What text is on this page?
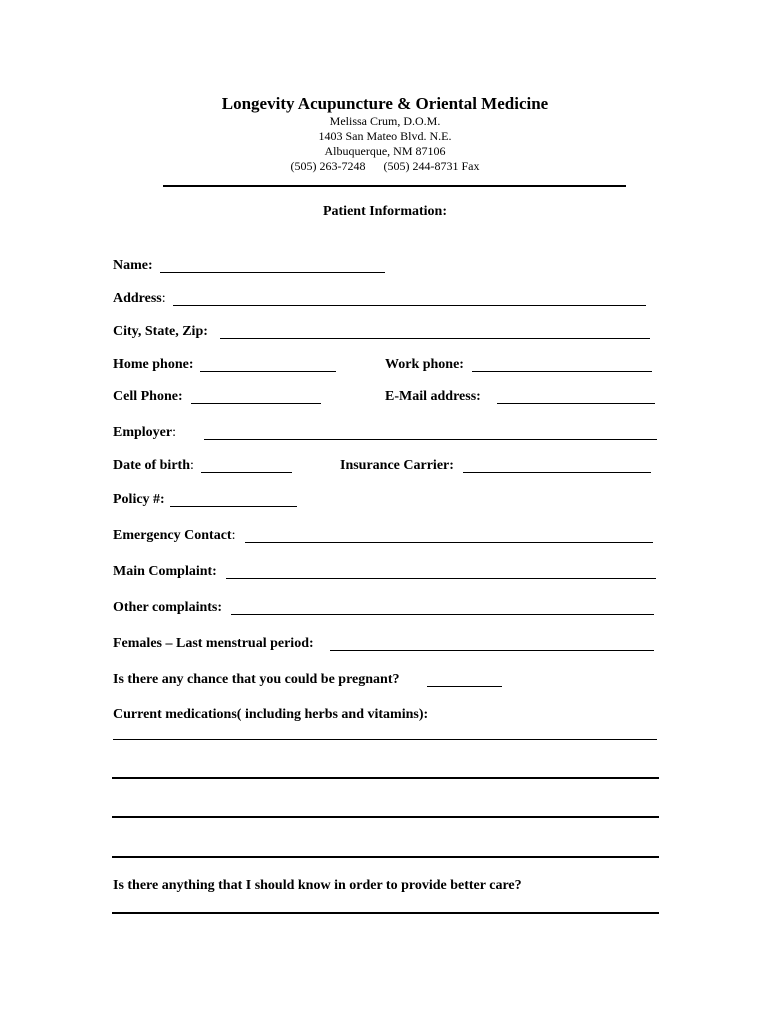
Longevity Acupuncture & Oriental Medicine
Melissa Crum, D.O.M.
1403 San Mateo Blvd. N.E.
Albuquerque, NM 87106
(505) 263-7248 (505) 244-8731 Fax
Patient Information:
Name:
Address:
City, State, Zip:
Home phone:	Work phone:
Cell Phone:	E-Mail address:
Employer:
Date of birth:	Insurance Carrier:
Policy #:
Emergency Contact:
Main Complaint:
Other complaints:
Females – Last menstrual period:
Is there any chance that you could be pregnant?
Current medications( including herbs and vitamins):
Is there anything that I should know in order to provide better care?
